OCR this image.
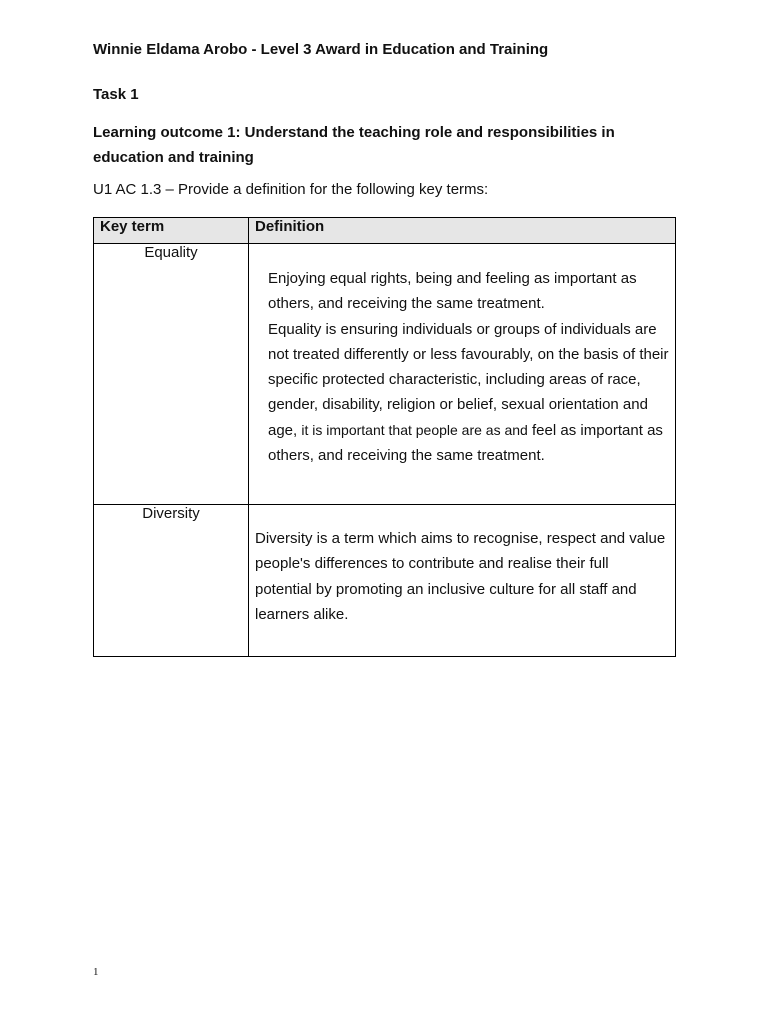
Winnie Eldama Arobo - Level 3 Award in Education and Training
Task 1
Learning outcome 1: Understand the teaching role and responsibilities in education and training
U1 AC 1.3 – Provide a definition for the following key terms:
Key term	Definition
Equality	Enjoying equal rights, being and feeling as important as others, and receiving the same treatment.
Equality is ensuring individuals or groups of individuals are not treated differently or less favourably, on the basis of their specific protected characteristic, including areas of race, gender, disability, religion or belief, sexual orientation and age, it is important that people are as and feel as important as others, and receiving the same treatment.

Diversity	Diversity is a term which aims to recognise, respect and value people's differences to contribute and realise their full potential by promoting an inclusive culture for all staff and learners alike.
1
